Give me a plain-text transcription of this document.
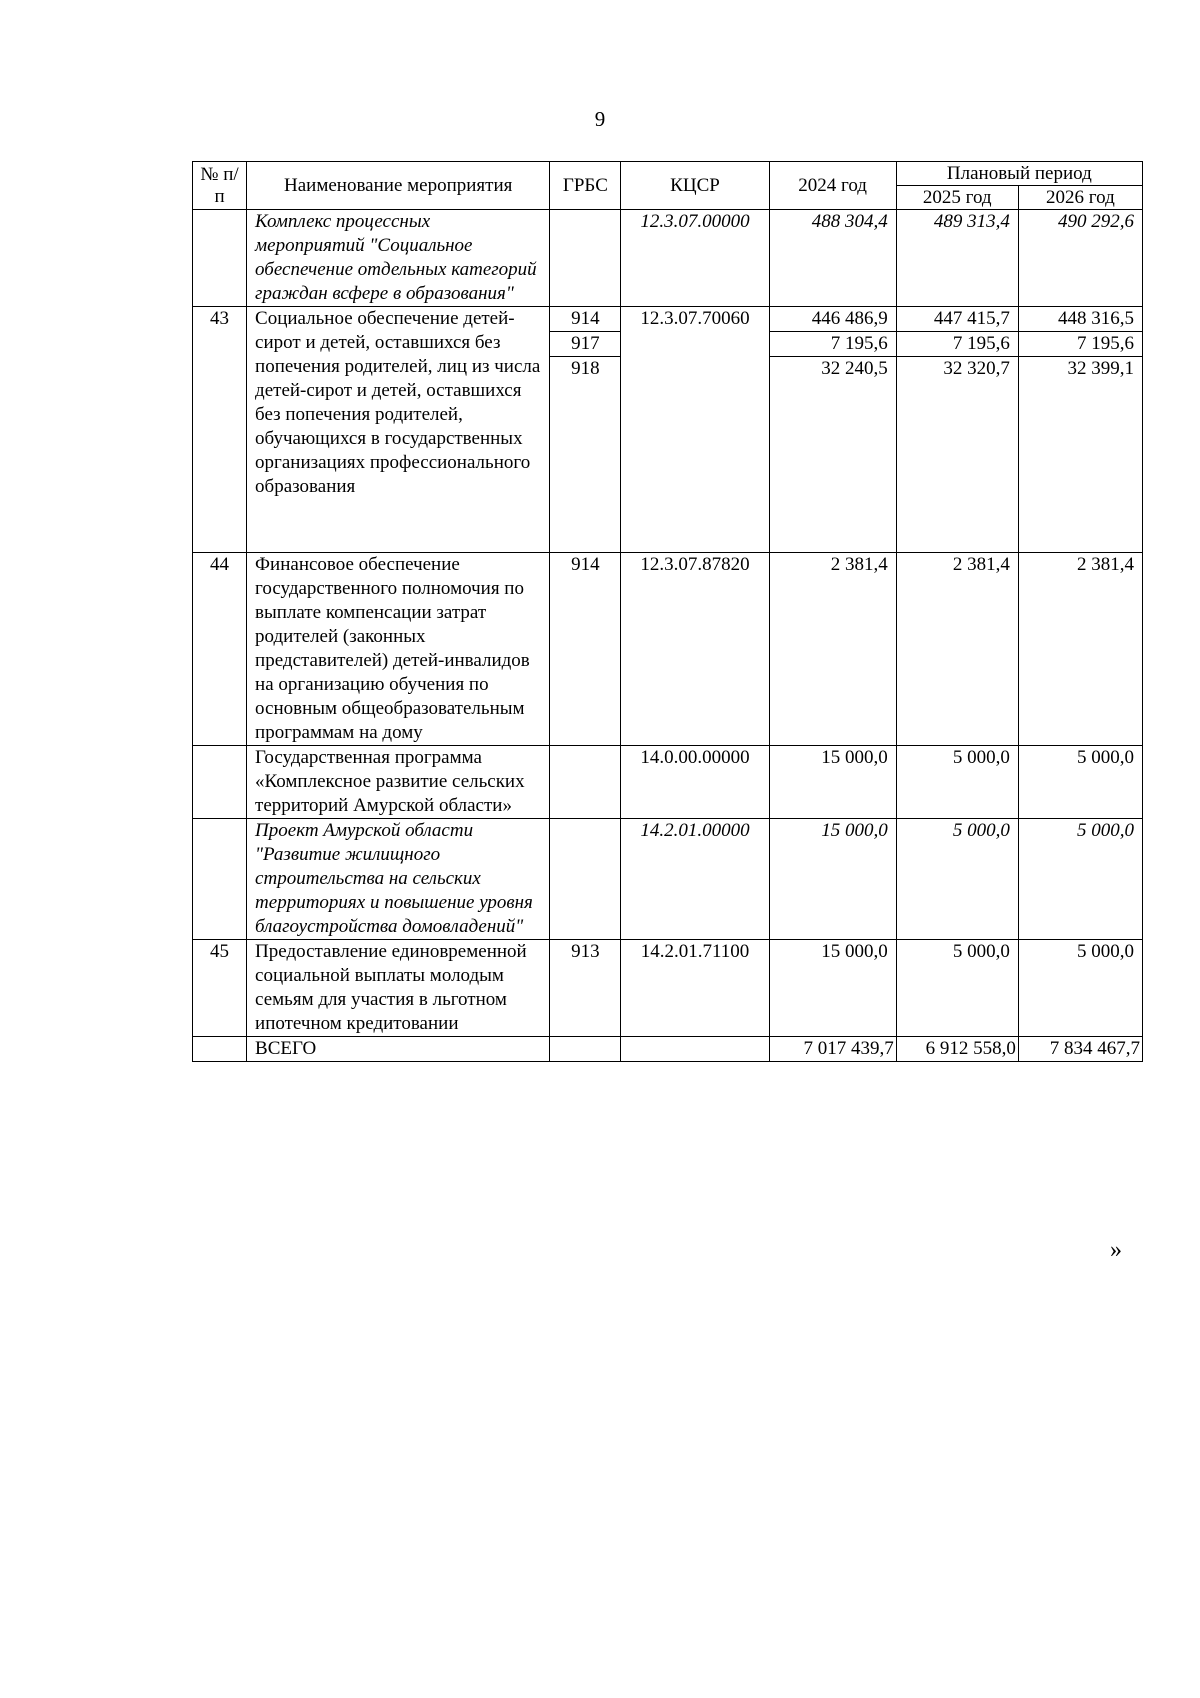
9
№ п/п	Наименование мероприятия	ГРБС	КЦСР	2024 год	Плановый период	
					2025 год	2026 год
	Комплекс процессных мероприятий "Социальное обеспечение отдельных категорий граждан всфере в образования"		12.3.07.00000	488 304,4	489 313,4	490 292,6
43	Социальное обеспечение детей-сирот и детей, оставшихся без попечения родителей, лиц из числа детей-сирот и детей, оставшихся без попечения родителей, обучающихся в государственных организациях профессионального образования	914	12.3.07.70060	446 486,9	447 415,7	448 316,5
		917		7 195,6	7 195,6	7 195,6
		918		32 240,5	32 320,7	32 399,1
44	Финансовое обеспечение государственного полномочия по выплате компенсации затрат родителей (законных представителей) детей-инвалидов на организацию обучения по основным общеобразовательным программам на дому	914	12.3.07.87820	2 381,4	2 381,4	2 381,4
	Государственная программа «Комплексное развитие сельских территорий Амурской области»		14.0.00.00000	15 000,0	5 000,0	5 000,0
	Проект Амурской области "Развитие жилищного строительства на сельских территориях и повышение уровня благоустройства домовладений"		14.2.01.00000	15 000,0	5 000,0	5 000,0
45	Предоставление единовременной социальной выплаты молодым семьям для участия в льготном ипотечном кредитовании	913	14.2.01.71100	15 000,0	5 000,0	5 000,0
	ВСЕГО			7 017 439,7	6 912 558,0	7 834 467,7
»
